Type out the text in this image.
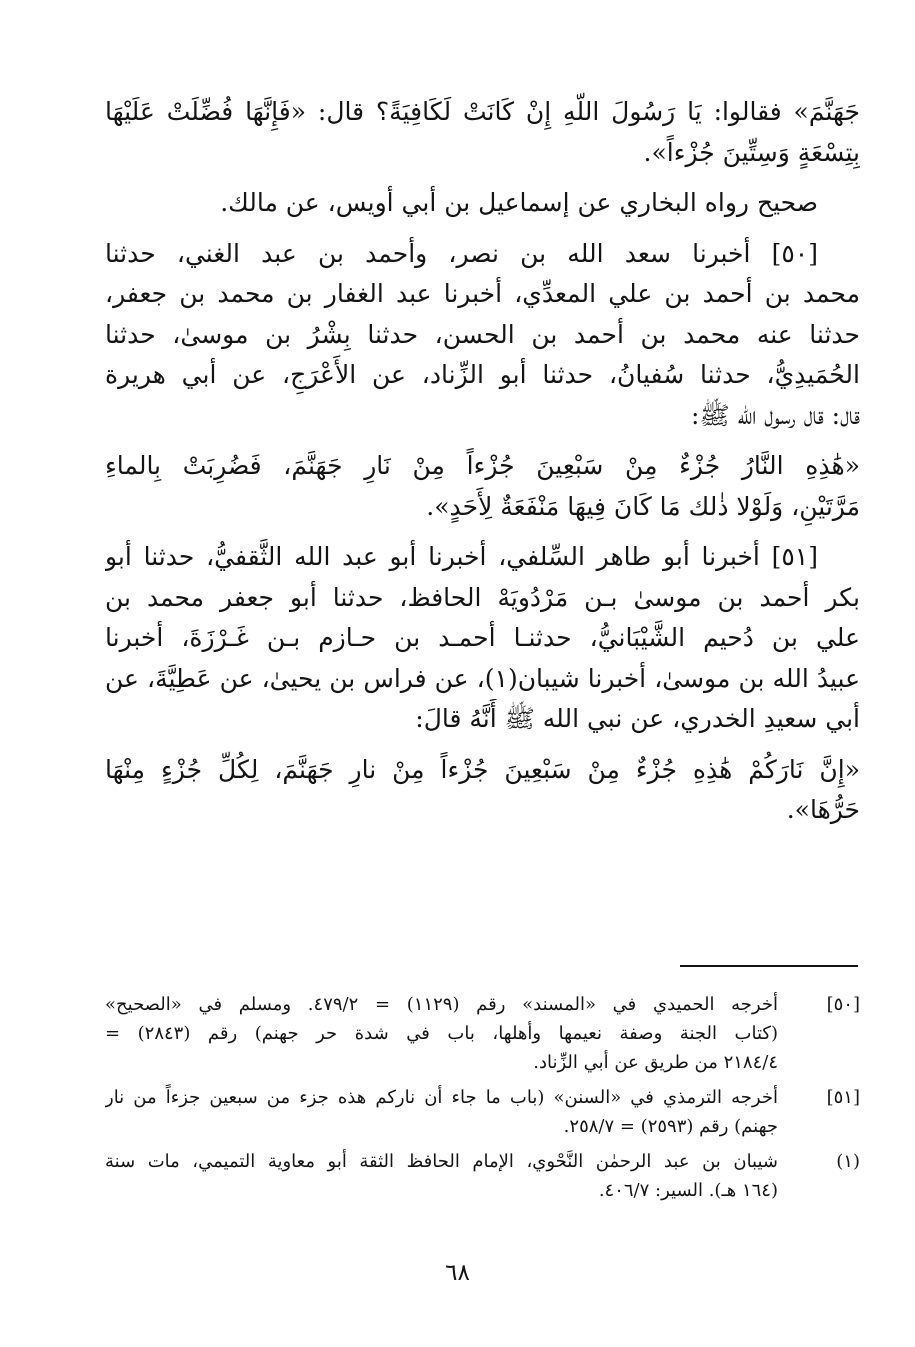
جَهَنَّمَ» فقالوا: يَا رَسُولَ اللَّهِ إِنْ كَانَتْ لَكَافِيَةً؟ قال: «فَإِنَّهَا فُضِّلَتْ عَلَيْهَا
بِتِسْعَةٍ وَسِتِّينَ جُزْءاً».
صحيح رواه البخاري عن إسماعيل بن أبي أويس، عن مالك.
[٥٠] أخبرنا سعد الله بن نصر، وأحمد بن عبد الغني، حدثنا
محمد بن أحمد بن علي المعدِّي، أخبرنا عبد الغفار بن محمد بن جعفر،
حدثنا عنه محمد بن أحمد بن الحسن، حدثنا بِشْرُ بن موسىٰ، حدثنا
الحُمَيدِيُّ، حدثنا سُفيانُ، حدثنا أبو الزِّناد، عن الأَعْرَجِ، عن أبي هريرة
قال: قال رسول الله ﷺ:
«هَٰذِهِ النَّارُ جُزْءٌ مِنْ سَبْعِينَ جُزْءاً مِنْ نَارِ جَهَنَّمَ، فَضُرِبَتْ بِالماءِ
مَرَّتَيْنِ، وَلَوْلا ذٰلك مَا كَانَ فِيهَا مَنْفَعَةٌ لِأَحَدٍ».
[٥١] أخبرنا أبو طاهر السِّلفي، أخبرنا أبو عبد الله الثَّقفيُّ، حدثنا أبو
بكر أحمد بن موسىٰ بـن مَرْدُويَهْ الحافظ، حدثنا أبو جعفر محمد بن
علي بن دُحيم الشَّيْبَانيُّ، حدثنـا أحمـد بن حـازم بـن غَـرْزَةَ، أخبرنا
عبيدُ الله بن موسىٰ، أخبرنا شيبان(١)، عن فراس بن يحيىٰ، عن عَطِيَّةَ، عن
أبي سعيدِ الخدري، عن نبي الله ﷺ أَنَّهُ قالَ:
«إِنَّ نَارَكُمْ هَٰذِهِ جُزْءٌ مِنْ سَبْعِينَ جُزْءاً مِنْ نارِ جَهَنَّمَ، لِكُلِّ جُزْءٍ مِنْهَا
حَرُّهَا».
[٥٠]
أخرجه الحميدي في «المسند» رقم (١١٢٩) = ٤٧٩/٢. ومسلم في «الصحيح»
(كتاب الجنة وصفة نعيمها وأهلها، باب في شدة حر جهنم) رقم (٢٨٤٣) =
٢١٨٤/٤ من طريق عن أبي الزِّناد.
[٥١]
أخرجه الترمذي في «السنن» (باب ما جاء أن ناركم هذه جزء من سبعين جزءاً من نار
جهنم) رقم (٢٥٩٣) = ٢٥٨/٧.
(١)
شيبان بن عبد الرحمٰن النَّحْوي، الإمام الحافظ الثقة أبو معاوية التميمي، مات سنة
(١٦٤ هـ). السير: ٤٠٦/٧.
٦٨
